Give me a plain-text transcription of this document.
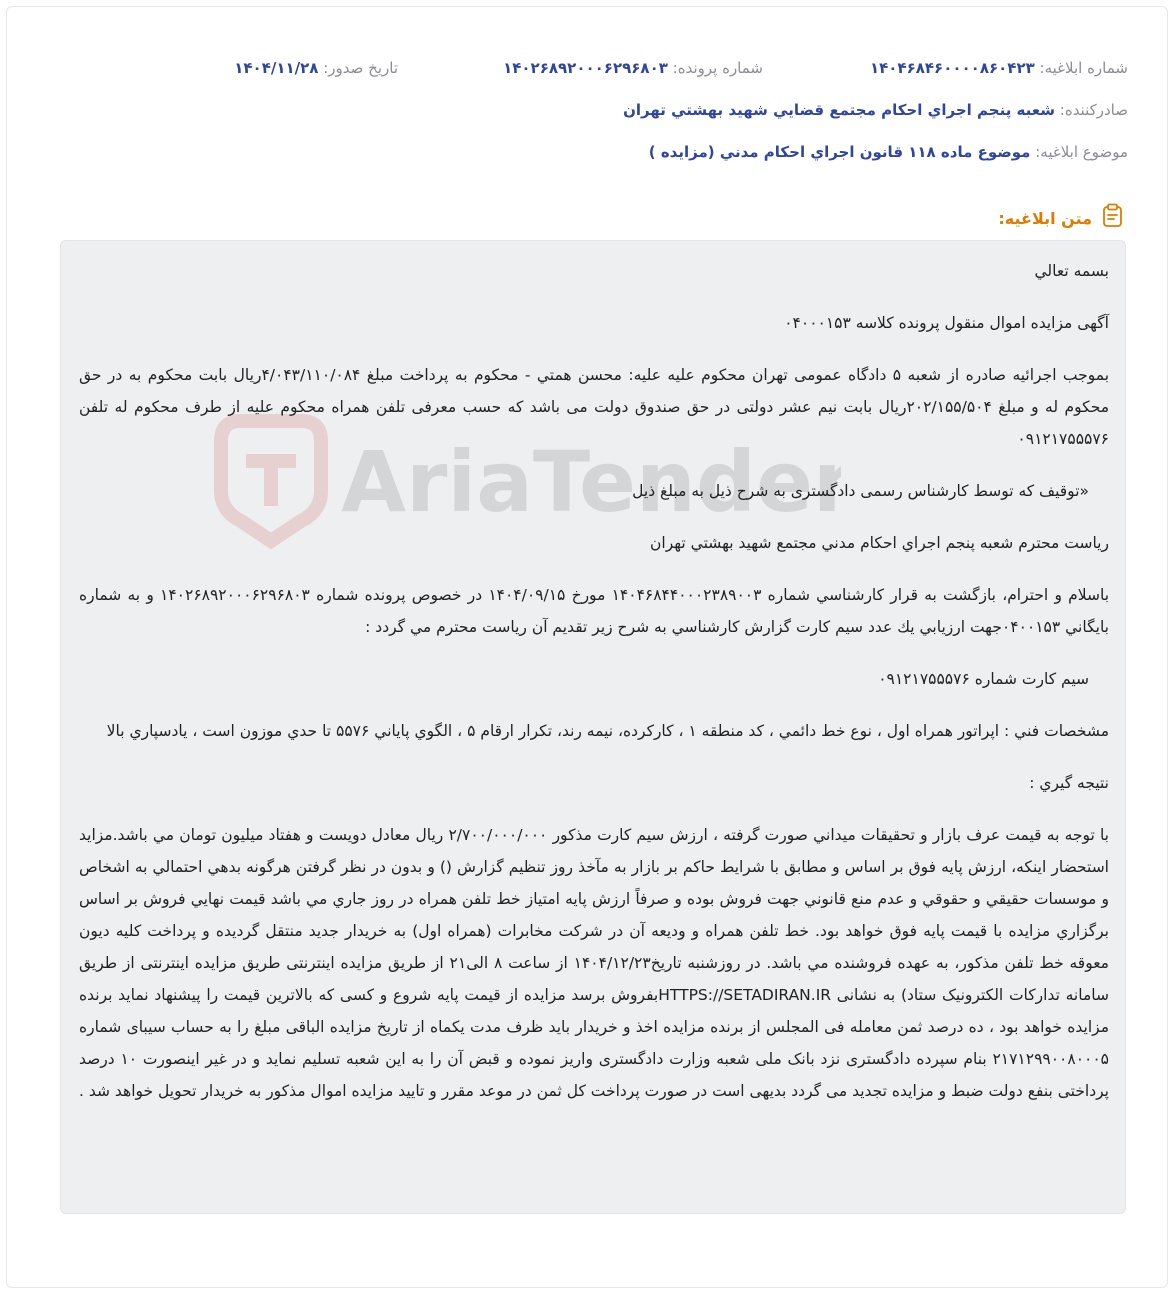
شماره ابلاغیه: ۱۴۰۴۶۸۴۶۰۰۰۰۸۶۰۴۲۳
شماره پرونده: ۱۴۰۲۶۸۹۲۰۰۰۶۲۹۶۸۰۳
تاریخ صدور: ۱۴۰۴/۱۱/۲۸
صادرکننده: شعبه پنجم اجراي احكام مجتمع قضايي شهيد بهشتي تهران
موضوع ابلاغیه: موضوع ماده ۱۱۸ قانون اجراي احكام مدني (مزايده )
متن ابلاغیه:
AriaTender

بسمه تعالي

آگهی مزایده اموال منقول پرونده کلاسه ۰۴۰۰۰۱۵۳

بموجب اجرائیه صادره از شعبه ۵ دادگاه عمومی تهران محکوم علیه علیه: محسن همتي - محکوم به پرداخت مبلغ ۴/۰۴۳/۱۱۰/۰۸۴ریال بابت محکوم به در حق محکوم له و مبلغ ۲۰۲/۱۵۵/۵۰۴ریال بابت نیم عشر دولتی در حق صندوق دولت می باشد که حسب معرفی تلفن همراه محکوم علیه از طرف محکوم له تلفن ۰۹۱۲۱۷۵۵۵۷۶

«توقیف که توسط کارشناس رسمی دادگستری به شرح ذیل به مبلغ ذیل

رياست محترم شعبه پنجم اجراي احكام مدني مجتمع شهيد بهشتي تهران

باسلام و احترام، بازگشت به قرار كارشناسي شماره ۱۴۰۴۶۸۴۴۰۰۰۲۳۸۹۰۰۳ مورخ ۱۴۰۴/۰۹/۱۵ در خصوص پرونده شماره ۱۴۰۲۶۸۹۲۰۰۰۶۲۹۶۸۰۳ و به شماره بايگاني ۰۴۰۰۱۵۳جهت ارزيابي يك عدد سيم كارت گزارش كارشناسي به شرح زير تقديم آن رياست محترم مي گردد :

سيم كارت شماره ۰۹۱۲۱۷۵۵۵۷۶

مشخصات فني : اپراتور همراه اول ، نوع خط دائمي ، كد منطقه ۱ ، كاركرده، نيمه رند، تكرار ارقام ۵ ، الگوي پاياني ۵۵۷۶ تا حدي موزون است ، يادسپاري بالا

نتيجه گيري :

با توجه به قيمت عرف بازار و تحقيقات ميداني صورت گرفته ، ارزش سيم كارت مذكور ۲/۷۰۰/۰۰۰/۰۰۰ ريال معادل دويست و هفتاد ميليون تومان مي باشد.مزايد استحضار اينكه، ارزش پايه فوق بر اساس و مطابق با شرايط حاكم بر بازار به مآخذ روز تنظيم گزارش () و بدون در نظر گرفتن هرگونه بدهي احتمالي به اشخاص و موسسات حقيقي و حقوقي و عدم منع قانوني جهت فروش بوده و صرفاً ارزش پايه امتياز خط تلفن همراه در روز جاري مي باشد قيمت نهايي فروش بر اساس برگزاري مزايده با قيمت پايه فوق خواهد بود. خط تلفن همراه و وديعه آن در شركت مخابرات (همراه اول) به خريدار جديد منتقل گرديده و پرداخت كليه ديون معوقه خط تلفن مذكور، به عهده فروشنده مي باشد. در روزشنبه تاریخ۱۴۰۴/۱۲/۲۳ از ساعت ۸ الی۲۱ از طریق مزایده اینترنتی طریق مزایده اینترنتی از طریق سامانه تدارکات الکترونیک ستاد) به نشانی HTTPS://SETADIRAN.IRبفروش برسد مزایده از قیمت پایه شروع و کسی که بالاترین قیمت را پیشنهاد نماید برنده مزایده خواهد بود ، ده درصد ثمن معامله فی المجلس از برنده مزایده اخذ و خریدار باید ظرف مدت یکماه از تاریخ مزایده الباقی مبلغ را به حساب سیبای شماره ۲۱۷۱۲۹۹۰۰۸۰۰۰۵ بنام سپرده دادگستری نزد بانک ملی شعبه وزارت دادگستری واریز نموده و قبض آن را به این شعبه تسلیم نماید و در غیر اینصورت ۱۰ درصد پرداختی بنفع دولت ضبط و مزایده تجدید می گردد بدیهی است در صورت پرداخت کل ثمن در موعد مقرر و تایید مزایده اموال مذکور به خریدار تحویل خواهد شد .
